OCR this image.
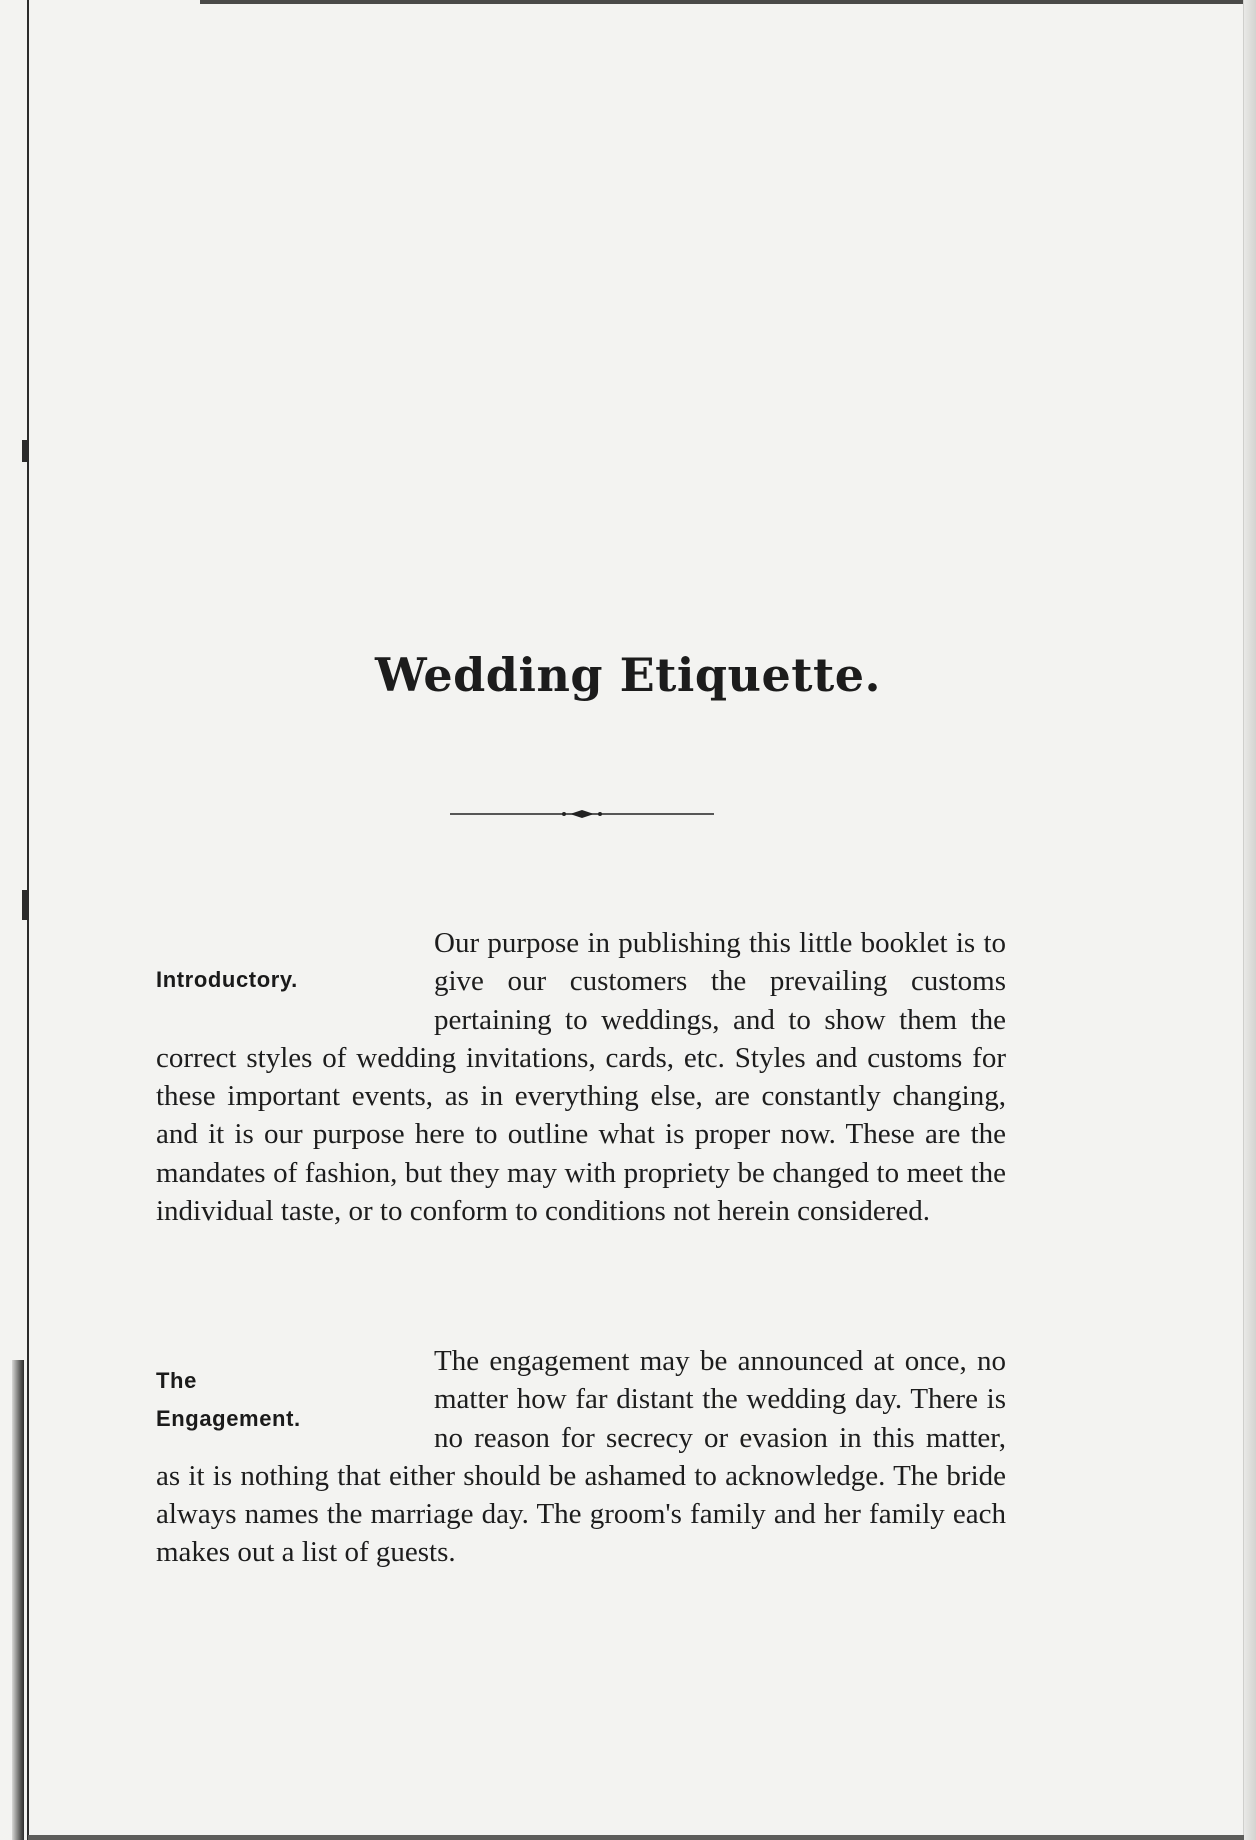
Wedding Etiquette.
Introductory.

Our purpose in publishing this little booklet is to give our customers the prevailing customs pertaining to weddings, and to show them the correct styles of wedding invitations, cards, etc. Styles and customs for these important events, as in everything else, are constantly changing, and it is our purpose here to outline what is proper now. These are the mandates of fashion, but they may with propriety be changed to meet the individual taste, or to conform to conditions not herein considered.

The
Engagement.

The engagement may be announced at once, no matter how far distant the wedding day. There is no reason for secrecy or evasion in this matter, as it is nothing that either should be ashamed to acknowledge. The bride always names the marriage day. The groom's family and her family each makes out a list of guests.
